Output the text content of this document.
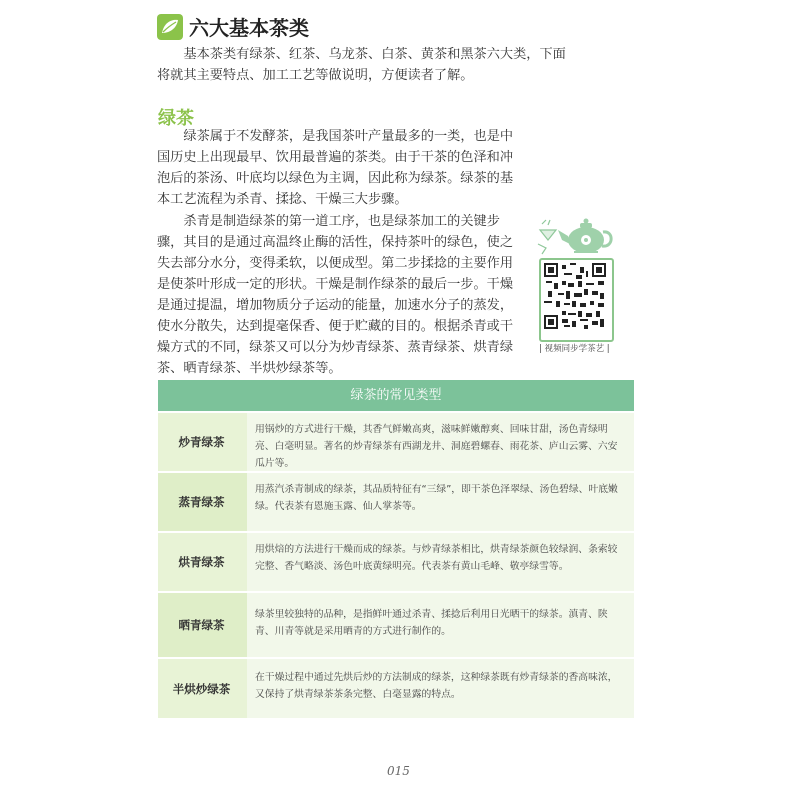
六大基本茶类

基本茶类有绿茶、红茶、乌龙茶、白茶、黄茶和黑茶六大类，下面将就其主要特点、加工工艺等做说明，方便读者了解。

绿茶

绿茶属于不发酵茶，是我国茶叶产量最多的一类，也是中国历史上出现最早、饮用最普遍的茶类。由于干茶的色泽和冲泡后的茶汤、叶底均以绿色为主调，因此称为绿茶。绿茶的基本工艺流程为杀青、揉捻、干燥三大步骤。

杀青是制造绿茶的第一道工序，也是绿茶加工的关键步骤，其目的是通过高温终止酶的活性，保持茶叶的绿色，使之失去部分水分，变得柔软，以便成型。第二步揉捻的主要作用是使茶叶形成一定的形状。干燥是制作绿茶的最后一步。干燥是通过提温，增加物质分子运动的能量，加速水分子的蒸发，使水分散失，达到提毫保香、便于贮藏的目的。根据杀青或干燥方式的不同，绿茶又可以分为炒青绿茶、蒸青绿茶、烘青绿茶、晒青绿茶、半烘炒绿茶等。

| 视频同步学茶艺 |
绿茶的常见类型
炒青绿茶
用锅炒的方式进行干燥，其香气鲜嫩高爽，滋味鲜嫩醇爽、回味甘甜，汤色青绿明亮、白毫明显。著名的炒青绿茶有西湖龙井、洞庭碧螺春、雨花茶、庐山云雾、六安瓜片等。
蒸青绿茶
用蒸汽杀青制成的绿茶，其品质特征有“三绿”，即干茶色泽翠绿、汤色碧绿、叶底嫩绿。代表茶有恩施玉露、仙人掌茶等。
烘青绿茶
用烘焙的方法进行干燥而成的绿茶。与炒青绿茶相比，烘青绿茶颜色较绿润、条索较完整、香气略淡、汤色叶底黄绿明亮。代表茶有黄山毛峰、敬亭绿雪等。
晒青绿茶
绿茶里较独特的品种，是指鲜叶通过杀青、揉捻后利用日光晒干的绿茶。滇青、陕青、川青等就是采用晒青的方式进行制作的。
半烘炒绿茶
在干燥过程中通过先烘后炒的方法制成的绿茶，这种绿茶既有炒青绿茶的香高味浓，又保持了烘青绿茶茶条完整、白毫显露的特点。
015
